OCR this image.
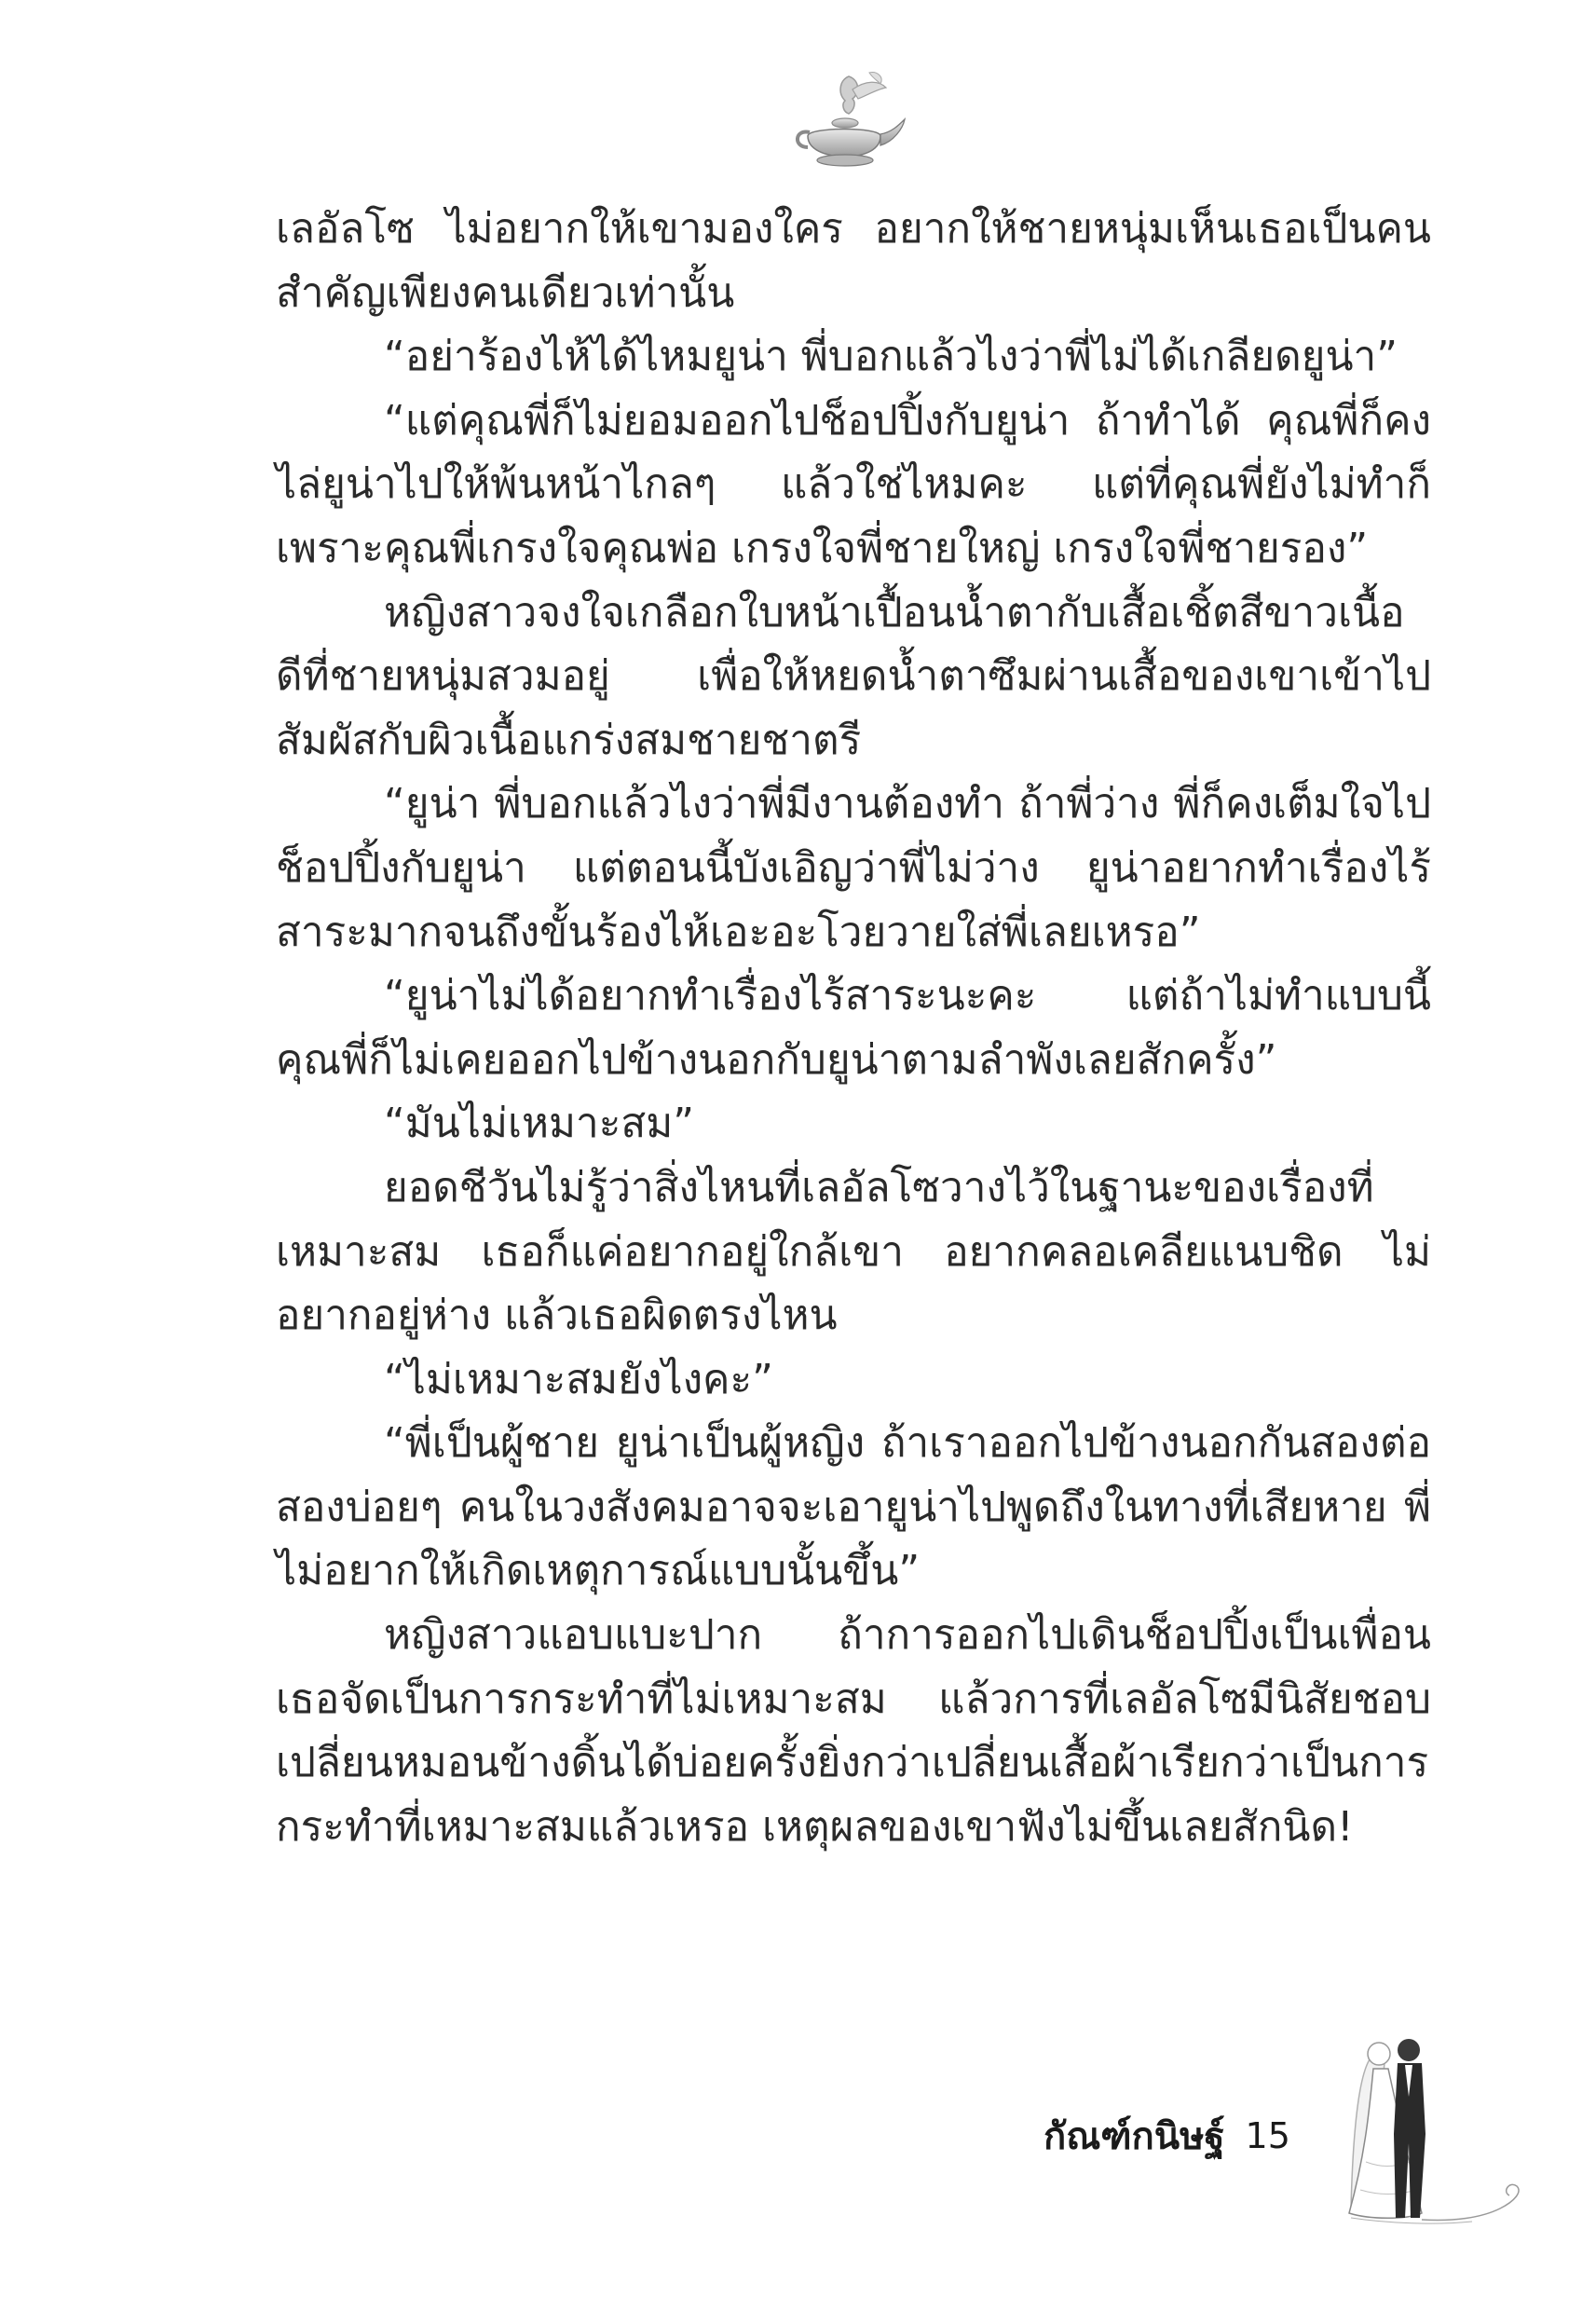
เลอัลโซ ไม่อยากให้เขามองใคร อยากให้ชายหนุ่มเห็นเธอเป็นคนสำคัญเพียงคนเดียวเท่านั้น

“อย่าร้องไห้ได้ไหมยูน่า พี่บอกแล้วไงว่าพี่ไม่ได้เกลียดยูน่า”

“แต่คุณพี่ก็ไม่ยอมออกไปช็อปปิ้งกับยูน่า ถ้าทำได้ คุณพี่ก็คงไล่ยูน่าไปให้พ้นหน้าไกลๆ แล้วใช่ไหมคะ แต่ที่คุณพี่ยังไม่ทำก็เพราะคุณพี่เกรงใจคุณพ่อ เกรงใจพี่ชายใหญ่ เกรงใจพี่ชายรอง”

หญิงสาวจงใจเกลือกใบหน้าเปื้อนน้ำตากับเสื้อเชิ้ตสีขาวเนื้อดีที่ชายหนุ่มสวมอยู่ เพื่อให้หยดน้ำตาซึมผ่านเสื้อของเขาเข้าไปสัมผัสกับผิวเนื้อแกร่งสมชายชาตรี

“ยูน่า พี่บอกแล้วไงว่าพี่มีงานต้องทำ ถ้าพี่ว่าง พี่ก็คงเต็มใจไปช็อปปิ้งกับยูน่า แต่ตอนนี้บังเอิญว่าพี่ไม่ว่าง ยูน่าอยากทำเรื่องไร้สาระมากจนถึงขั้นร้องไห้เอะอะโวยวายใส่พี่เลยเหรอ”

“ยูน่าไม่ได้อยากทำเรื่องไร้สาระนะคะ แต่ถ้าไม่ทำแบบนี้ คุณพี่ก็ไม่เคยออกไปข้างนอกกับยูน่าตามลำพังเลยสักครั้ง”

“มันไม่เหมาะสม”

ยอดชีวันไม่รู้ว่าสิ่งไหนที่เลอัลโซวางไว้ในฐานะของเรื่องที่เหมาะสม เธอก็แค่อยากอยู่ใกล้เขา อยากคลอเคลียแนบชิด ไม่อยากอยู่ห่าง แล้วเธอผิดตรงไหน

“ไม่เหมาะสมยังไงคะ”

“พี่เป็นผู้ชาย ยูน่าเป็นผู้หญิง ถ้าเราออกไปข้างนอกกันสองต่อสองบ่อยๆ คนในวงสังคมอาจจะเอายูน่าไปพูดถึงในทางที่เสียหาย พี่ไม่อยากให้เกิดเหตุการณ์แบบนั้นขึ้น”

หญิงสาวแอบแบะปาก ถ้าการออกไปเดินช็อปปิ้งเป็นเพื่อนเธอจัดเป็นการกระทำที่ไม่เหมาะสม แล้วการที่เลอัลโซมีนิสัยชอบเปลี่ยนหมอนข้างดิ้นได้บ่อยครั้งยิ่งกว่าเปลี่ยนเสื้อผ้าเรียกว่าเป็นการกระทำที่เหมาะสมแล้วเหรอ เหตุผลของเขาฟังไม่ขึ้นเลยสักนิด!

กัณฑ์กนิษฐ์ 15
